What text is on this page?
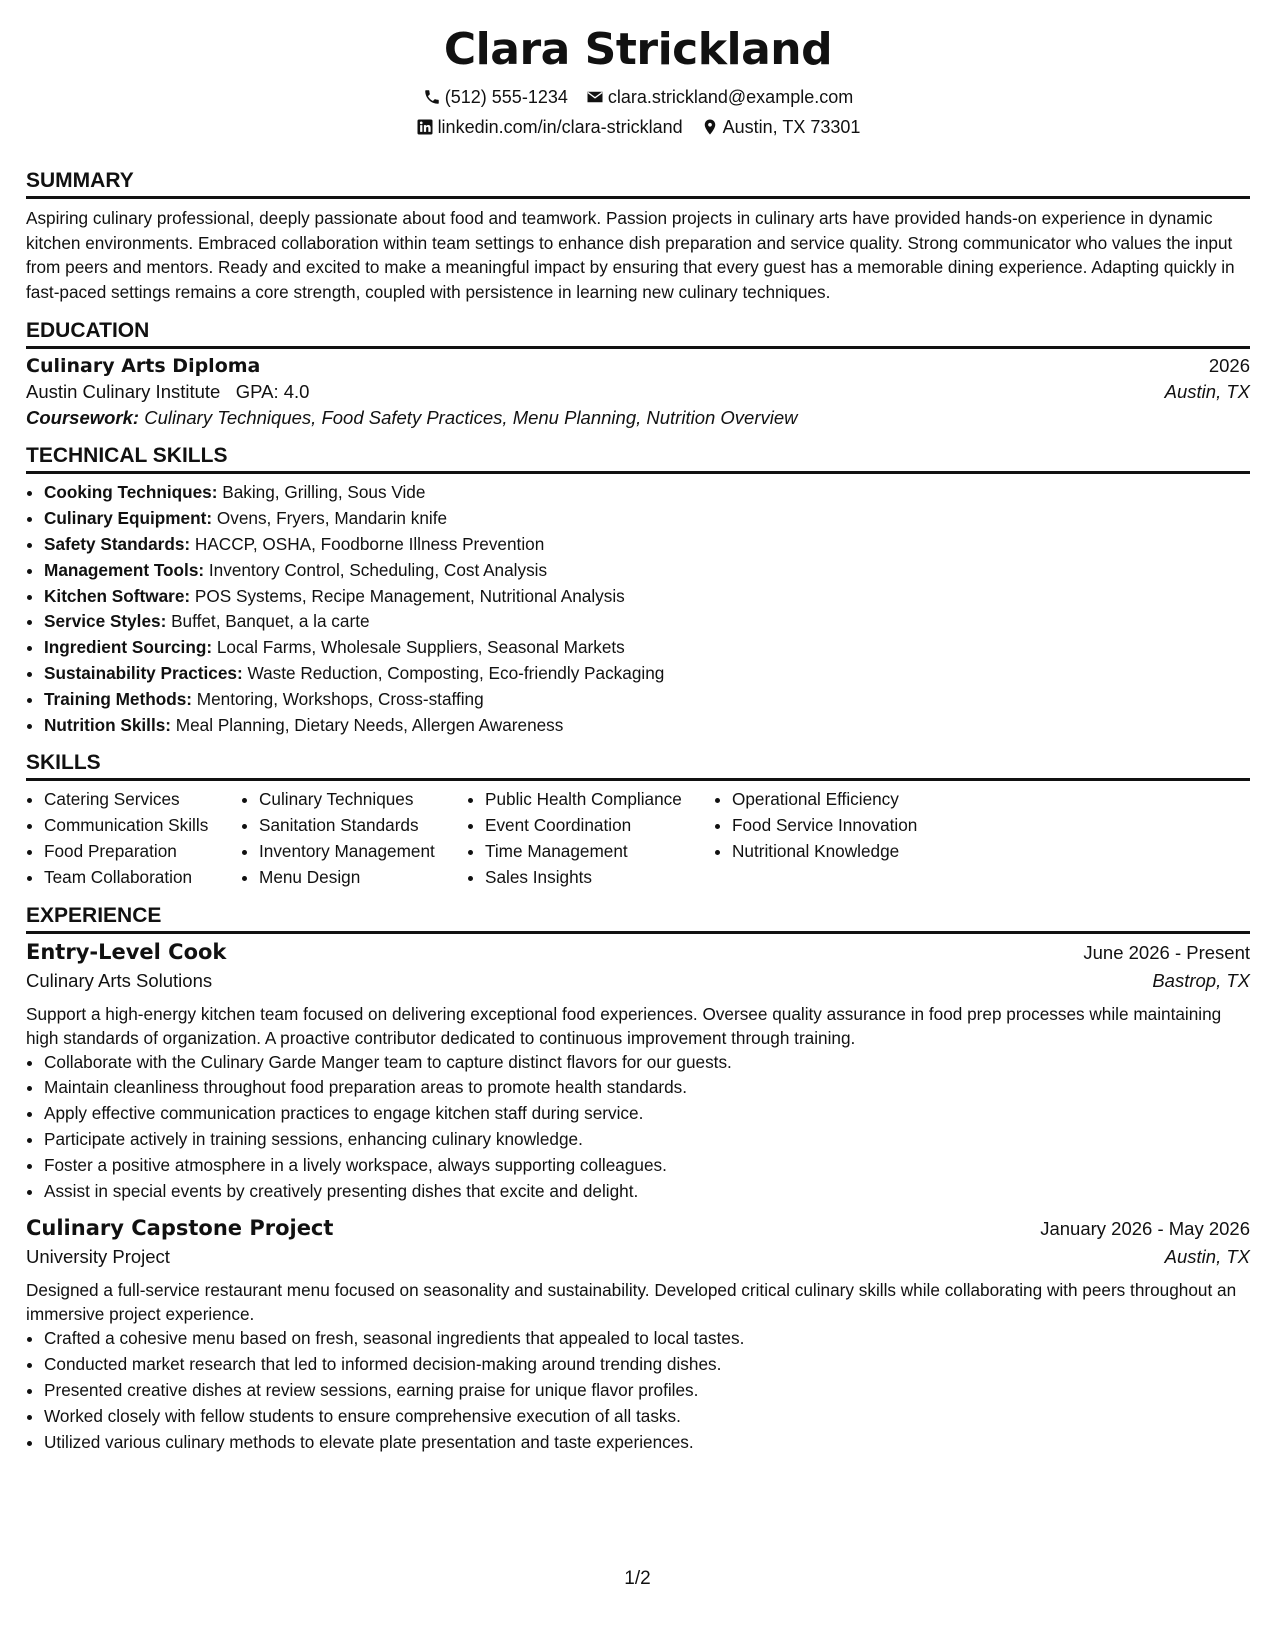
Clara Strickland
(512) 555-1234 clara.strickland@example.com
linkedin.com/in/clara-strickland Austin, TX 73301
SUMMARY

Aspiring culinary professional, deeply passionate about food and teamwork. Passion projects in culinary arts have provided hands-on experience in dynamic kitchen environments. Embraced collaboration within team settings to enhance dish preparation and service quality. Strong communicator who values the input from peers and mentors. Ready and excited to make a meaningful impact by ensuring that every guest has a memorable dining experience. Adapting quickly in fast-paced settings remains a core strength, coupled with persistence in learning new culinary techniques.

EDUCATION
Culinary Arts Diploma	2026
Austin Culinary Institute GPA: 4.0	Austin, TX
Coursework: Culinary Techniques, Food Safety Practices, Menu Planning, Nutrition Overview
TECHNICAL SKILLS
• Cooking Techniques: Baking, Grilling, Sous Vide
• Culinary Equipment: Ovens, Fryers, Mandarin knife
• Safety Standards: HACCP, OSHA, Foodborne Illness Prevention
• Management Tools: Inventory Control, Scheduling, Cost Analysis
• Kitchen Software: POS Systems, Recipe Management, Nutritional Analysis
• Service Styles: Buffet, Banquet, a la carte
• Ingredient Sourcing: Local Farms, Wholesale Suppliers, Seasonal Markets
• Sustainability Practices: Waste Reduction, Composting, Eco-friendly Packaging
• Training Methods: Mentoring, Workshops, Cross-staffing
• Nutrition Skills: Meal Planning, Dietary Needs, Allergen Awareness
SKILLS
• Catering Services
• Communication Skills
• Food Preparation
• Team Collaboration
• Culinary Techniques
• Sanitation Standards
• Inventory Management
• Menu Design
• Public Health Compliance
• Event Coordination
• Time Management
• Sales Insights
• Operational Efficiency
• Food Service Innovation
• Nutritional Knowledge
EXPERIENCE
Entry-Level Cook	June 2026 - Present
Culinary Arts Solutions	Bastrop, TX

Support a high-energy kitchen team focused on delivering exceptional food experiences. Oversee quality assurance in food prep processes while maintaining high standards of organization. A proactive contributor dedicated to continuous improvement through training.

• Collaborate with the Culinary Garde Manger team to capture distinct flavors for our guests.
• Maintain cleanliness throughout food preparation areas to promote health standards.
• Apply effective communication practices to engage kitchen staff during service.
• Participate actively in training sessions, enhancing culinary knowledge.
• Foster a positive atmosphere in a lively workspace, always supporting colleagues.
• Assist in special events by creatively presenting dishes that excite and delight.
Culinary Capstone Project	January 2026 - May 2026
University Project	Austin, TX

Designed a full-service restaurant menu focused on seasonality and sustainability. Developed critical culinary skills while collaborating with peers throughout an immersive project experience.

• Crafted a cohesive menu based on fresh, seasonal ingredients that appealed to local tastes.
• Conducted market research that led to informed decision-making around trending dishes.
• Presented creative dishes at review sessions, earning praise for unique flavor profiles.
• Worked closely with fellow students to ensure comprehensive execution of all tasks.
• Utilized various culinary methods to elevate plate presentation and taste experiences.
1/2
